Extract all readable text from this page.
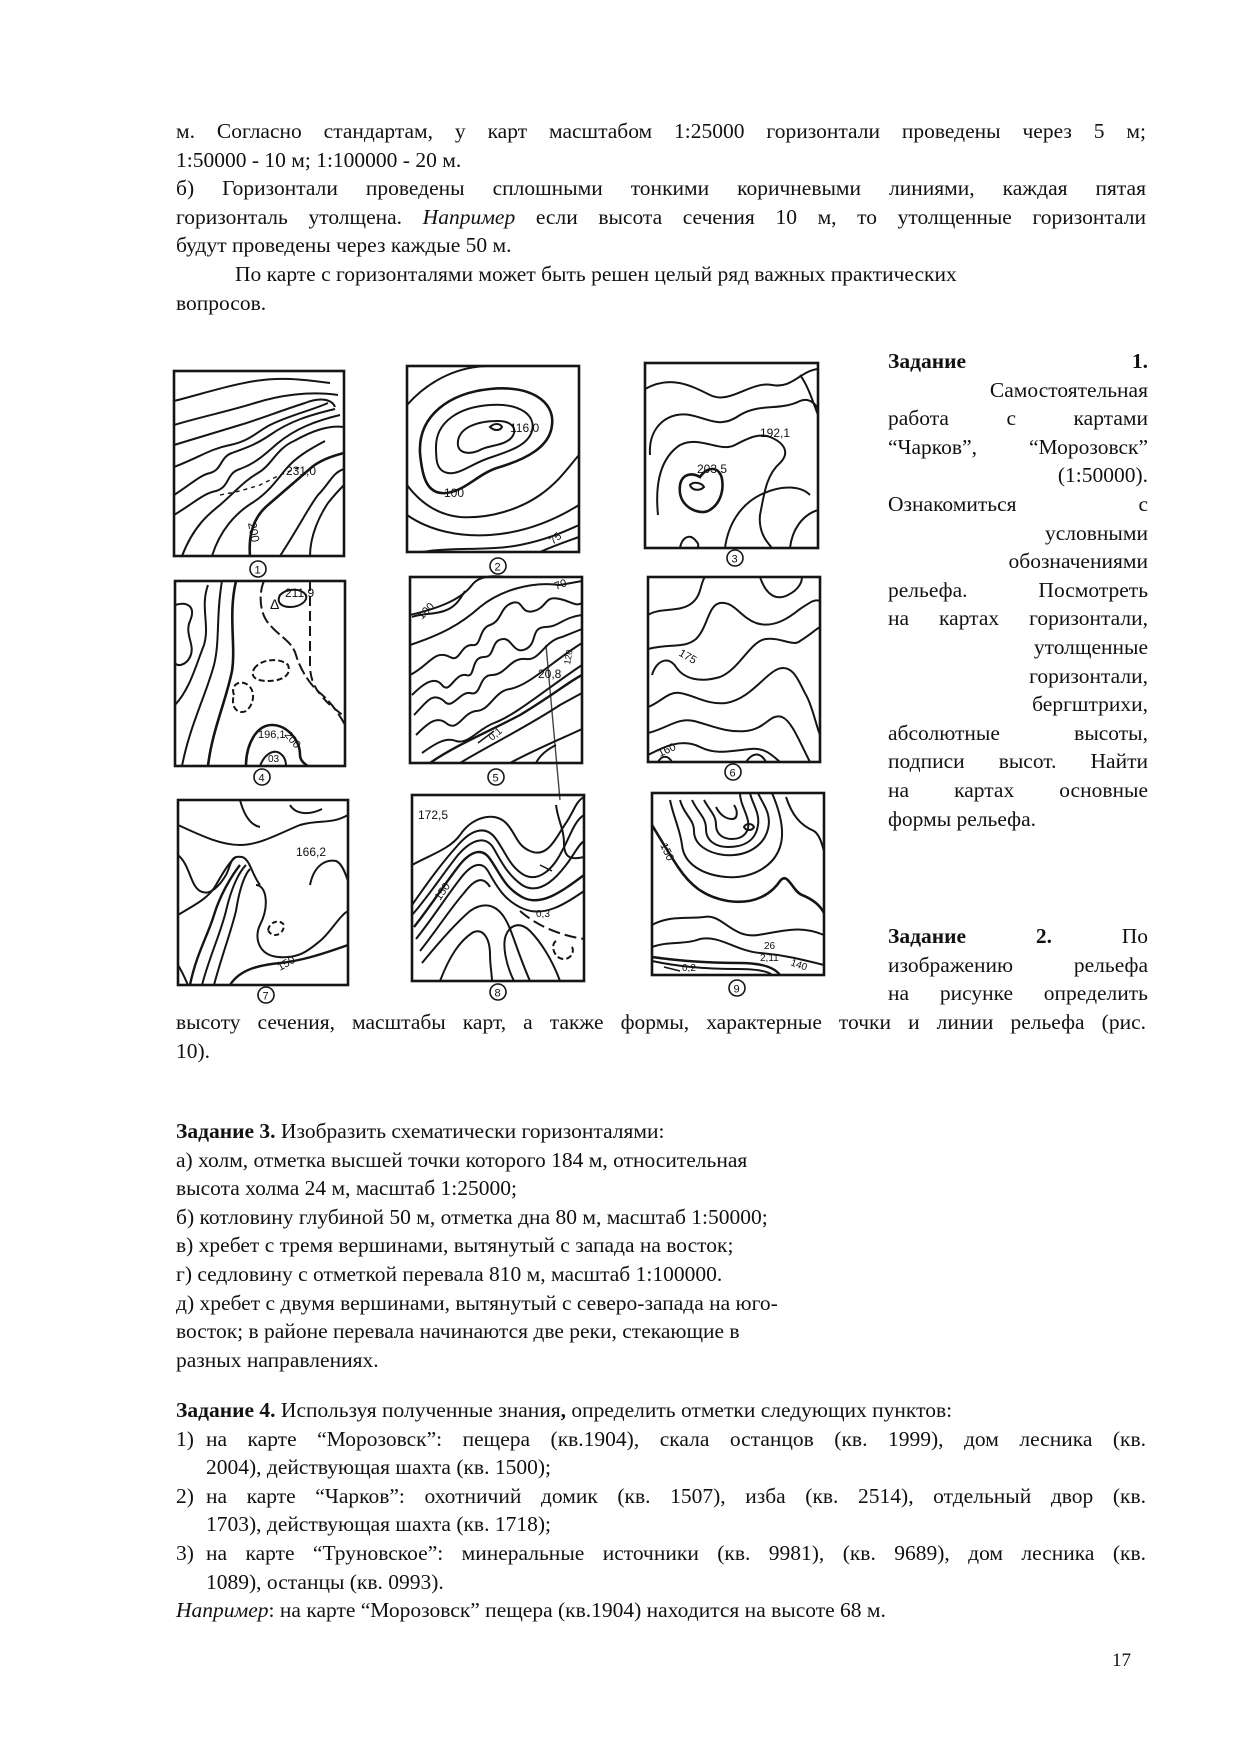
м. Согласно стандартам, у карт масштабом 1:25000 горизонтали проведены через 5 м;

1:50000 - 10 м; 1:100000 - 20 м.

б) Горизонтали проведены сплошными тонкими коричневыми линиями, каждая пятая

горизонталь утолщена. Например если высота сечения 10 м, то утолщенные горизонтали

будут проведены через каждые 50 м.

По карте с горизонталями может быть решен целый ряд важных практических

вопросов.

231,0
200
1
116,0
100
75
2
192,1
203,5
3
211,9
Δ
200
196,1
03
4
100
70
20,8
0,1
120
5
175
160
6
166,2
150
7
172,5
150
0,3
8
150
26
2,11 140
0,2
9
Задание	1.
Самостоятельная
работа с картами
“Чарков”, “Морозовск”
(1:50000).
Ознакомиться с
условными
обозначениями
рельефа. Посмотреть
на картах горизонтали,
утолщенные
горизонтали,
бергштрихи,
абсолютные высоты,
подписи высот. Найти
на картах основные
формы рельефа.
Задание	2.	По
изображению рельефа
на рисунке определить
высоту сечения, масштабы карт, а также формы, характерные точки и линии рельефа (рис.
10).

Задание 3. Изобразить схематически горизонталями:

а) холм, отметка высшей точки которого 184 м, относительная

высота холма 24 м, масштаб 1:25000;

б) котловину глубиной 50 м, отметка дна 80 м, масштаб 1:50000;

в) хребет с тремя вершинами, вытянутый с запада на восток;

г) седловину с отметкой перевала 810 м, масштаб 1:100000.

д) хребет с двумя вершинами, вытянутый с северо-запада на юго-

восток; в районе перевала начинаются две реки, стекающие в

разных направлениях.

Задание 4. Используя полученные знания, определить отметки следующих пунктов:

1) на карте “Морозовск”: пещера (кв.1904), скала останцов (кв. 1999), дом лесника (кв.

2004), действующая шахта (кв. 1500);

2) на карте “Чарков”: охотничий домик (кв. 1507), изба (кв. 2514), отдельный двор (кв.

1703), действующая шахта (кв. 1718);

3) на карте “Труновское”: минеральные источники (кв. 9981), (кв. 9689), дом лесника (кв.

1089), останцы (кв. 0993).

Например: на карте “Морозовск” пещера (кв.1904) находится на высоте 68 м.

17
